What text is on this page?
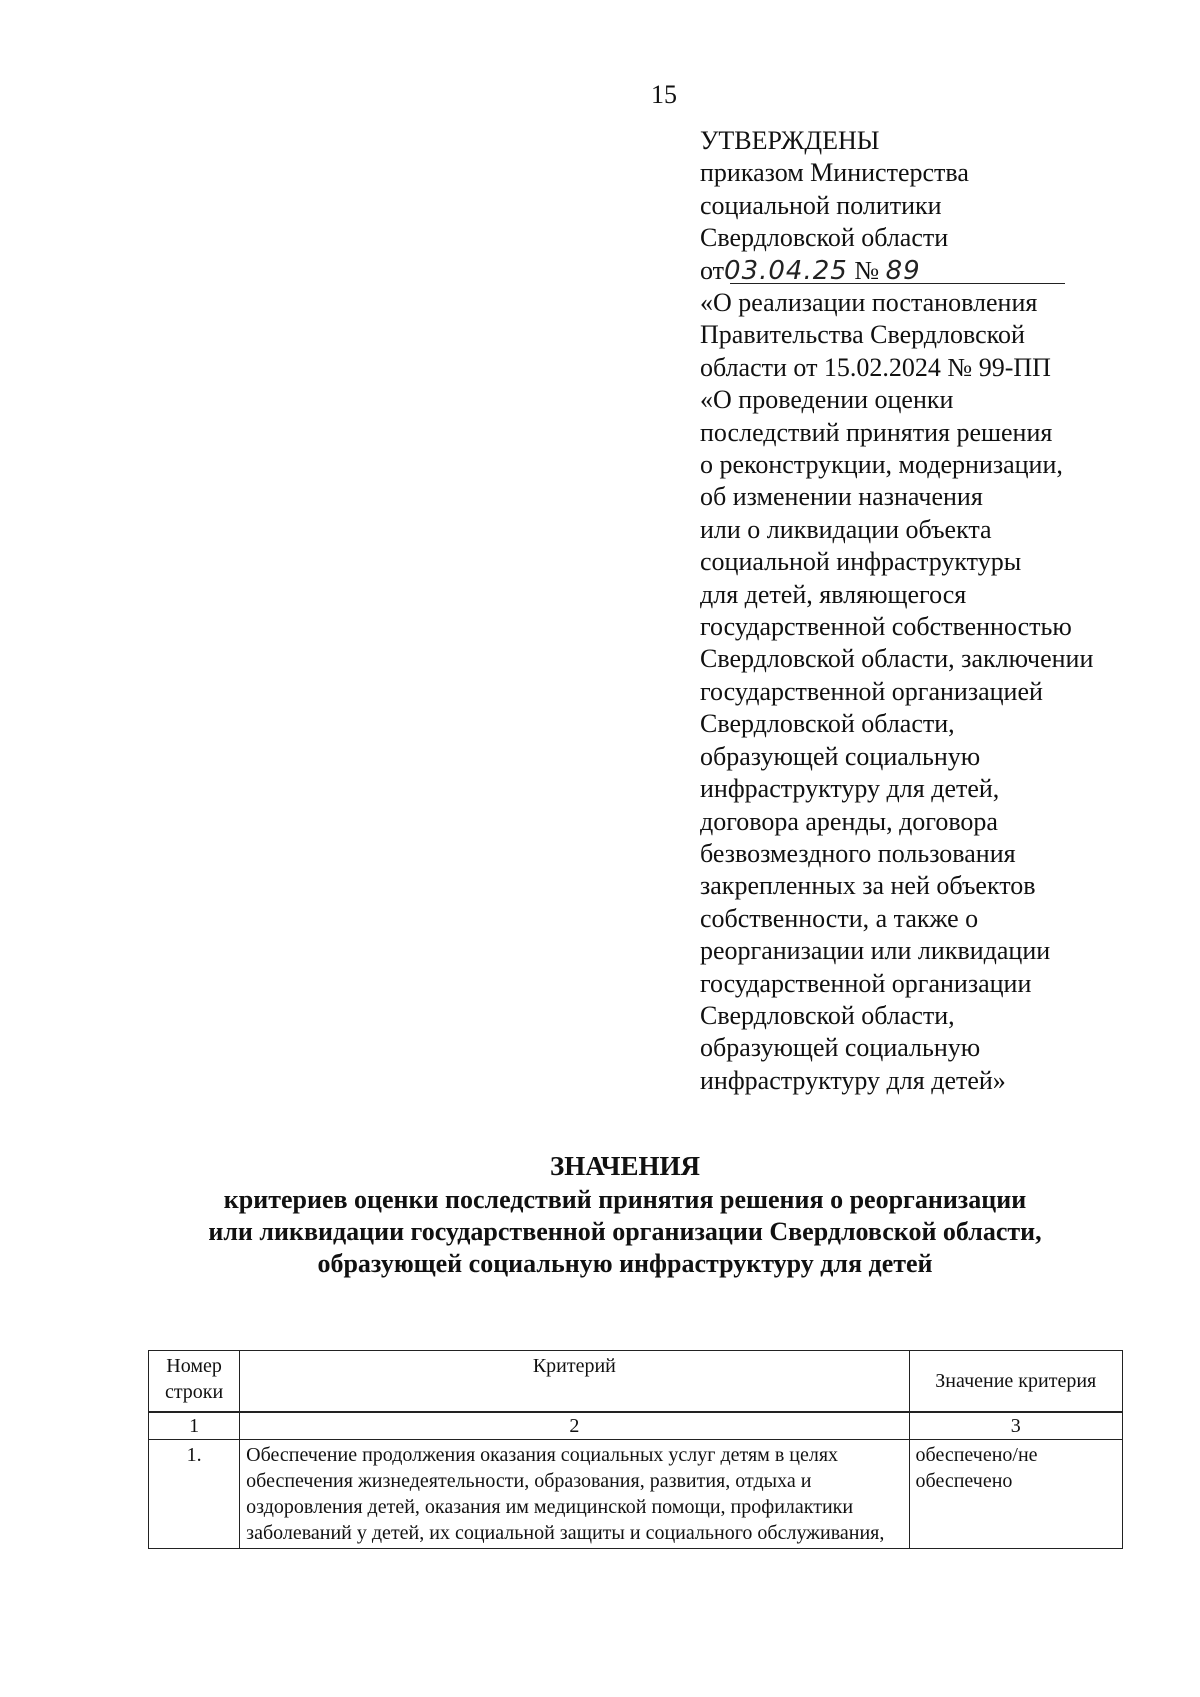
15
УТВЕРЖДЕНЫ
приказом Министерства
социальной политики
Свердловской области
от03.04.25 № 89
«О реализации постановления
Правительства Свердловской
области от 15.02.2024 № 99-ПП
«О проведении оценки
последствий принятия решения
о реконструкции, модернизации,
об изменении назначения
или о ликвидации объекта
социальной инфраструктуры
для детей, являющегося
государственной собственностью
Свердловской области, заключении
государственной организацией
Свердловской области,
образующей социальную
инфраструктуру для детей,
договора аренды, договора
безвозмездного пользования
закрепленных за ней объектов
собственности, а также о
реорганизации или ликвидации
государственной организации
Свердловской области,
образующей социальную
инфраструктуру для детей»
ЗНАЧЕНИЯ
критериев оценки последствий принятия решения о реорганизации
или ликвидации государственной организации Свердловской области,
образующей социальную инфраструктуру для детей
Номер строки	Критерий	Значение критерия
1	2	3
1.	Обеспечение продолжения оказания социальных услуг детям в целях обеспечения жизнедеятельности, образования, развития, отдыха и оздоровления детей, оказания им медицинской помощи, профилактики заболеваний у детей, их социальной защиты и социального обслуживания,	обеспечено/не обеспечено
